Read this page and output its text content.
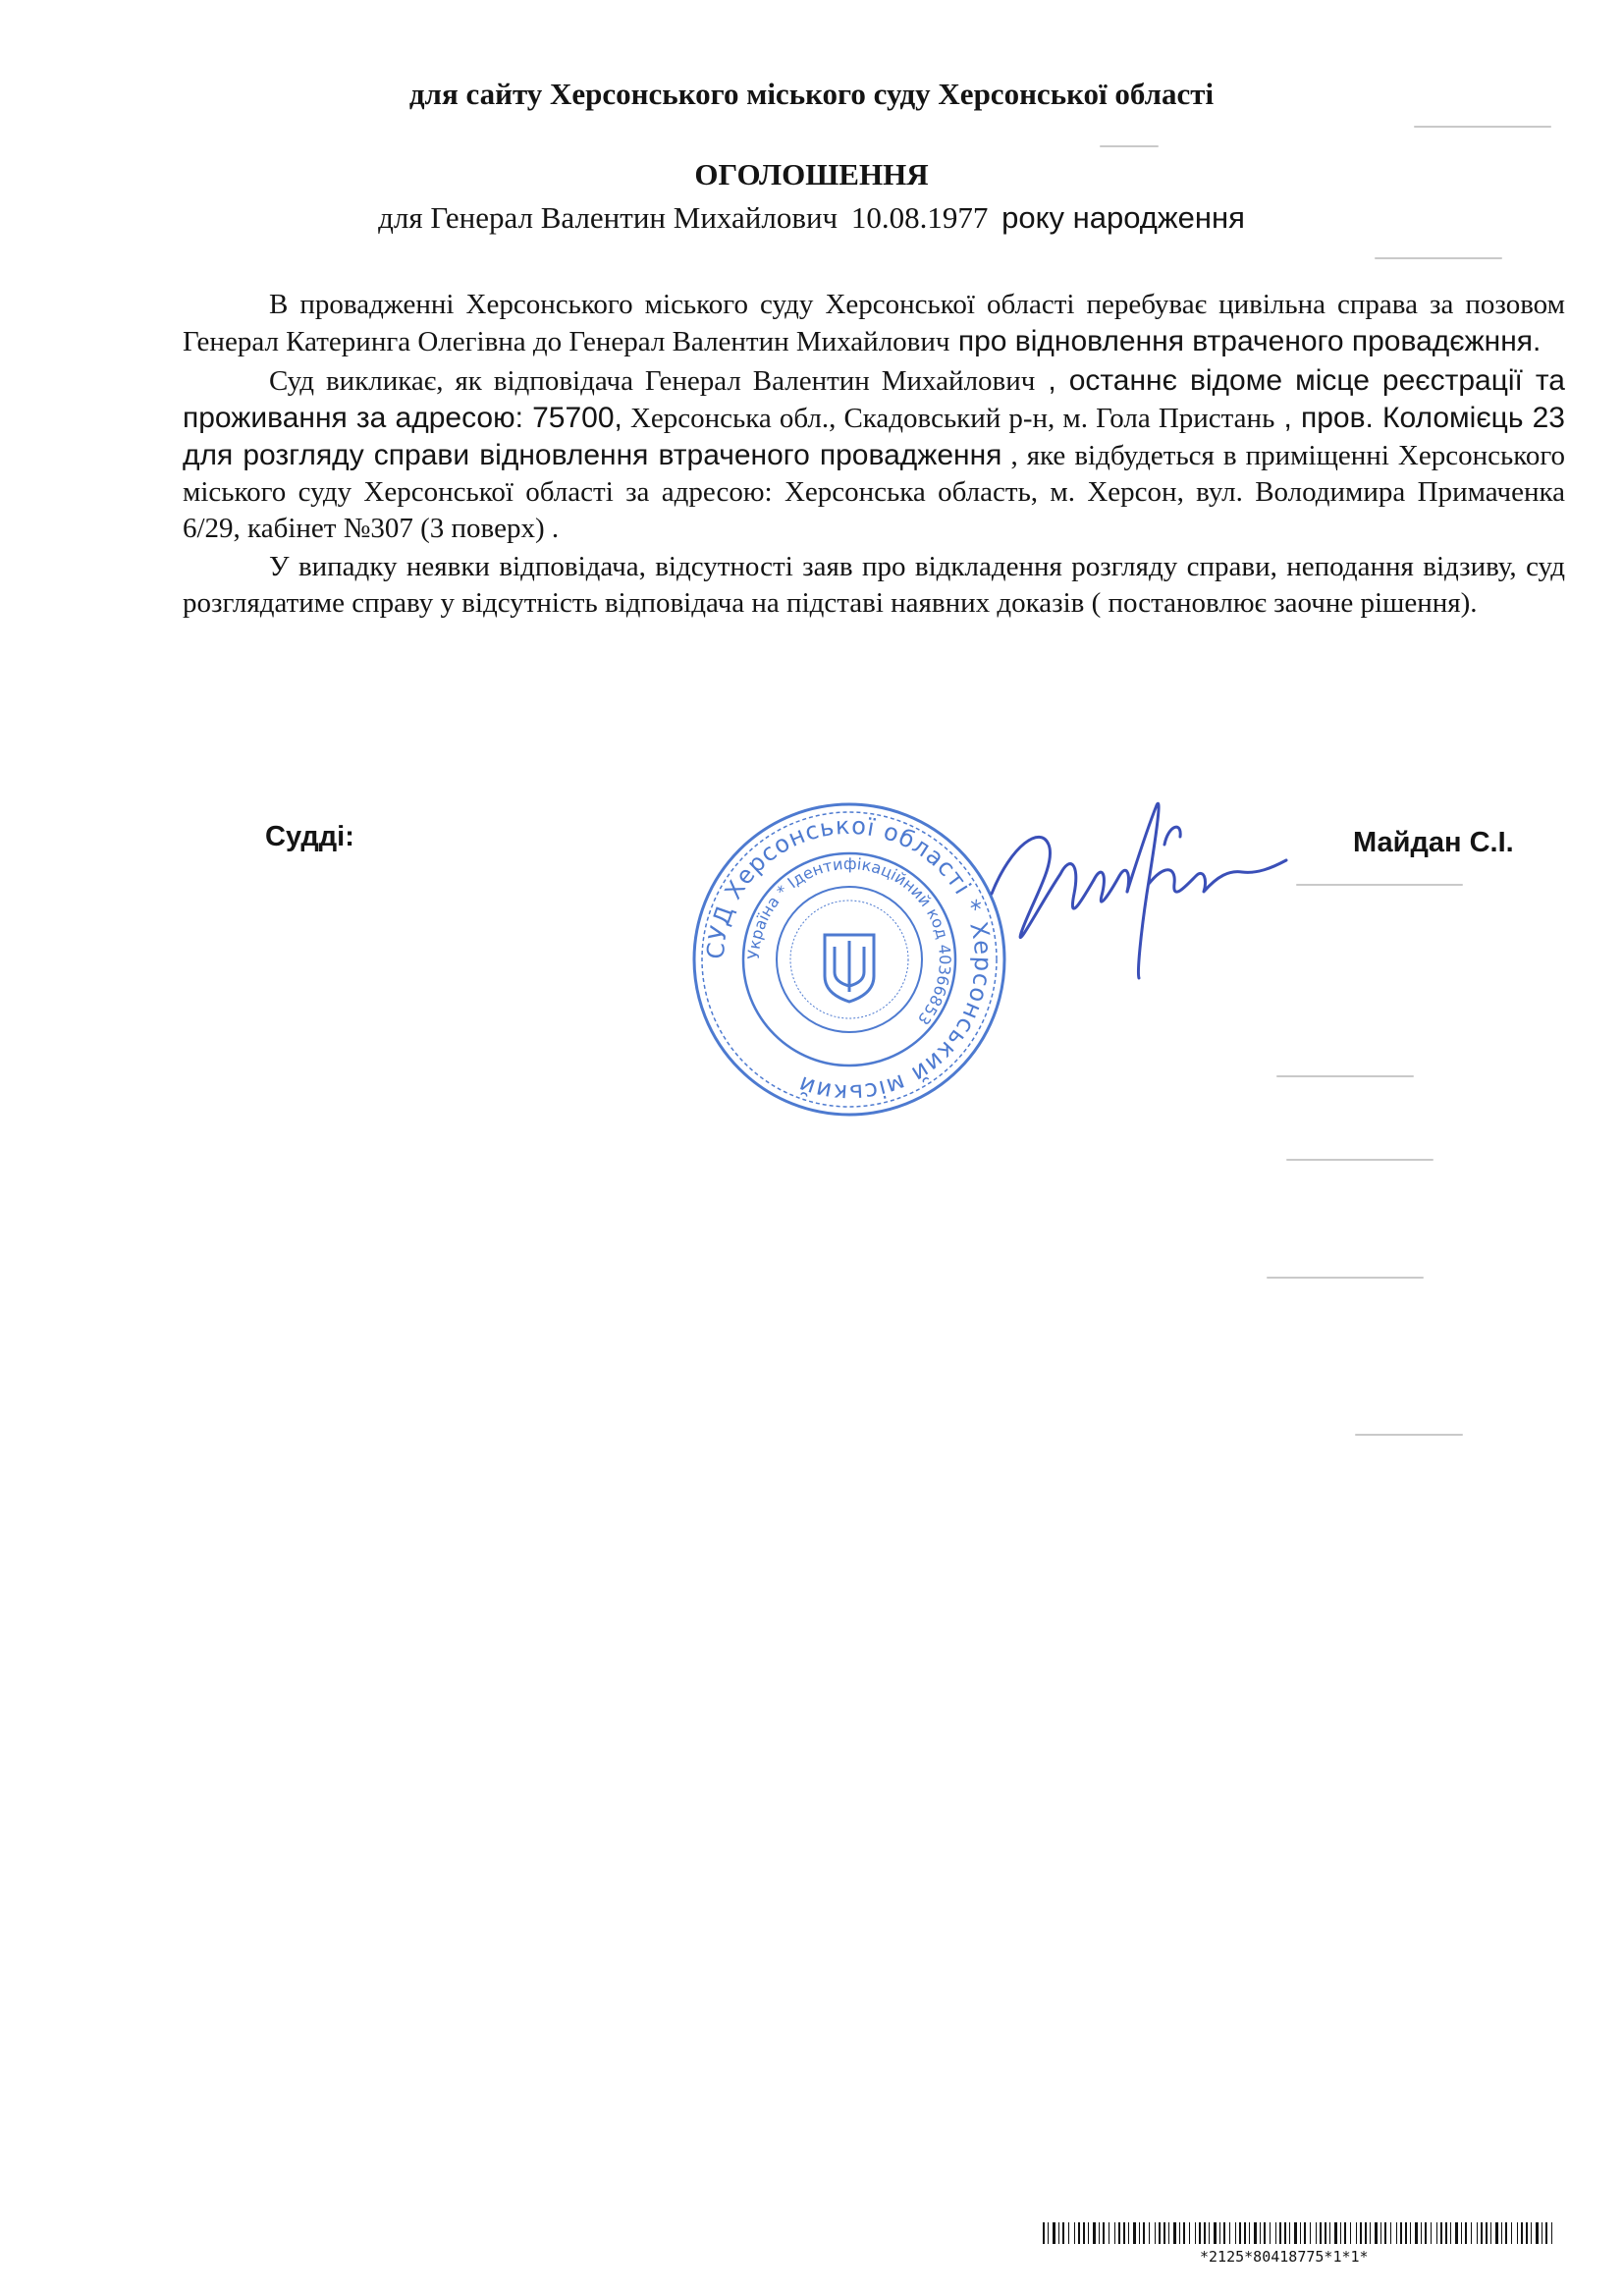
для сайту Херсонського міського суду Херсонської області
ОГОЛОШЕННЯ
для Генерал Валентин Михайлович 10.08.1977 року народження

В провадженні Херсонського міського суду Херсонської області перебуває цивільна справа за позовом Генерал Катеринга Олегівна до Генерал Валентин Михайлович про відновлення втраченого провадєжння.

Суд викликає, як відповідача Генерал Валентин Михайлович , останнє відоме місце реєстрації та проживання за адресою: 75700, Херсонська обл., Скадовський р-н, м. Гола Пристань , пров. Коломієць 23 для розгляду справи відновлення втраченого провадження , яке відбудеться в приміщенні Херсонського міського суду Херсонської області за адресою: Херсонська область, м. Херсон, вул. Володимира Примаченка 6/29, кабінет №307 (3 поверх) .

У випадку неявки відповідача, відсутності заяв про відкладення розгляду справи, неподання відзиву, суд розглядатиме справу у відсутність відповідача на підставі наявних доказів ( постановлює заочне рішення).

Судді:	Майдан С.І.
СУД Херсонської області * Херсонський міський
Україна * Ідентифікаційний код 40366853
*2125*80418775*1*1*
